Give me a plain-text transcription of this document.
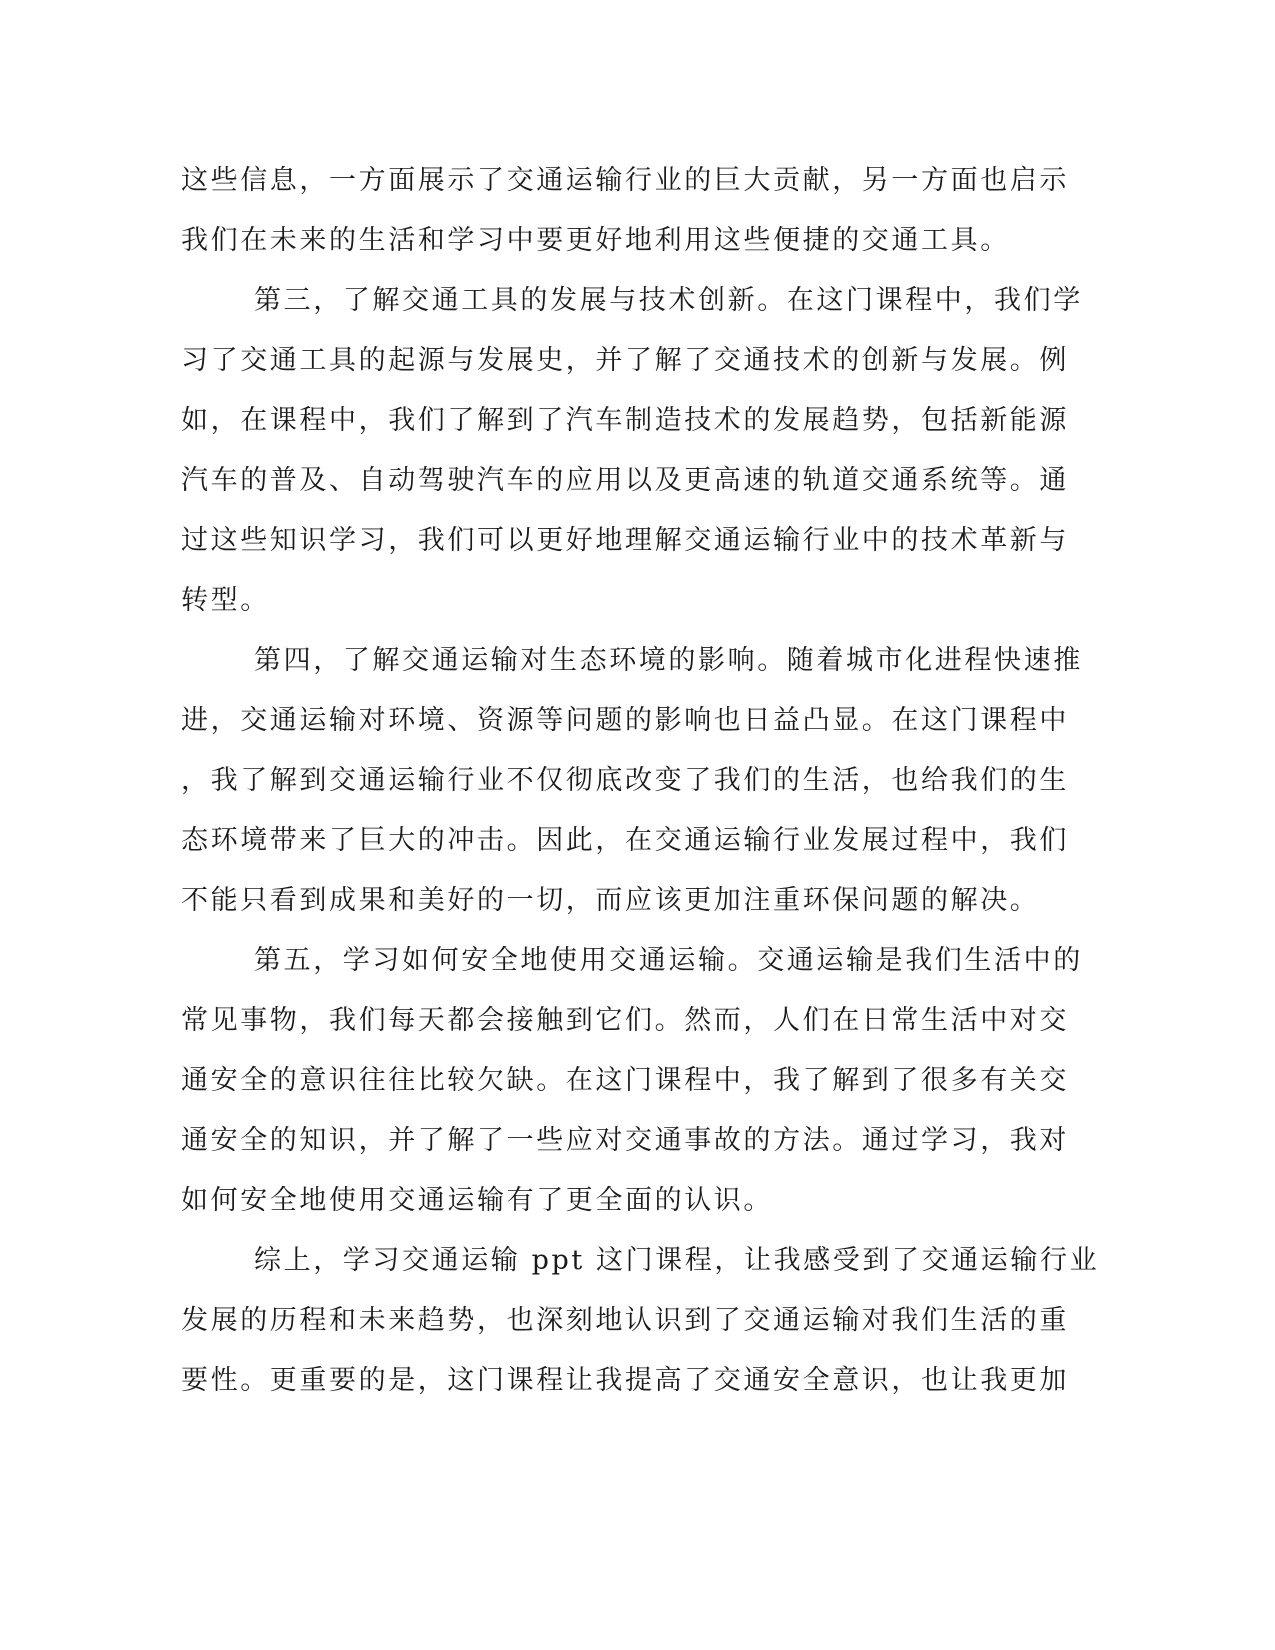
这些信息，一方面展示了交通运输行业的巨大贡献，另一方面也启示
我们在未来的生活和学习中要更好地利用这些便捷的交通工具。
第三，了解交通工具的发展与技术创新。在这门课程中，我们学
习了交通工具的起源与发展史，并了解了交通技术的创新与发展。例
如，在课程中，我们了解到了汽车制造技术的发展趋势，包括新能源
汽车的普及、自动驾驶汽车的应用以及更高速的轨道交通系统等。通
过这些知识学习，我们可以更好地理解交通运输行业中的技术革新与
转型。
第四，了解交通运输对生态环境的影响。随着城市化进程快速推
进，交通运输对环境、资源等问题的影响也日益凸显。在这门课程中
，我了解到交通运输行业不仅彻底改变了我们的生活，也给我们的生
态环境带来了巨大的冲击。因此，在交通运输行业发展过程中，我们
不能只看到成果和美好的一切，而应该更加注重环保问题的解决。
第五，学习如何安全地使用交通运输。交通运输是我们生活中的
常见事物，我们每天都会接触到它们。然而，人们在日常生活中对交
通安全的意识往往比较欠缺。在这门课程中，我了解到了很多有关交
通安全的知识，并了解了一些应对交通事故的方法。通过学习，我对
如何安全地使用交通运输有了更全面的认识。
综上，学习交通运输 ppt 这门课程，让我感受到了交通运输行业
发展的历程和未来趋势，也深刻地认识到了交通运输对我们生活的重
要性。更重要的是，这门课程让我提高了交通安全意识，也让我更加
